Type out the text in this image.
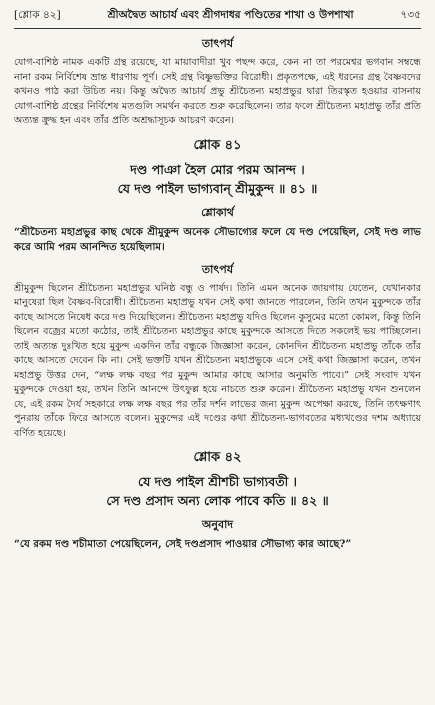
[শ্লোক ৪২]	শ্রীঅদ্বৈত আচার্য এবং শ্রীগদাধর পণ্ডিতের শাখা ও উপশাখা	৭৩৫
তাৎপর্য

যোগ-বাশিষ্ঠ নামক একটি গ্রন্থ রয়েছে, যা মায়াবাদীরা খুব পছন্দ করে, কেন না তা পরমেশ্বর ভগবান সম্বন্ধে নানা রকম নির্বিশেষ ভ্রান্ত ধারণায় পূর্ণ। সেই গ্রন্থ বিষ্ণুভক্তির বিরোধী। প্রকৃতপক্ষে, এই ধরনের গ্রন্থ বৈষ্ণবদের কখনও পাঠ করা উচিত নয়। কিন্তু অদ্বৈত আচার্য প্রভু শ্রীচৈতন্য মহাপ্রভুর দ্বারা তিরস্কৃত হওয়ার বাসনায় যোগ-বাশিষ্ঠ গ্রন্থের নির্বিশেষ মতগুলি সমর্থন করতে শুরু করেছিলেন। তার ফলে শ্রীচৈতন্য মহাপ্রভু তাঁর প্রতি অত্যন্ত ক্রুদ্ধ হন এবং তাঁর প্রতি অশ্রদ্ধাসূচক আচরণ করেন।

শ্লোক ৪১

দণ্ড পাঞা হৈল মোর পরম আনন্দ ।

যে দণ্ড পাইল ভাগ্যবান্ শ্রীমুকুন্দ ॥ ৪১ ॥

শ্লোকার্থ

“শ্রীচৈতন্য মহাপ্রভুর কাছ থেকে শ্রীমুকুন্দ অনেক সৌভাগ্যের ফলে যে দণ্ড পেয়েছিল, সেই দণ্ড লাভ করে আমি পরম আনন্দিত হয়েছিলাম।

তাৎপর্য

শ্রীমুকুন্দ ছিলেন শ্রীচৈতন্য মহাপ্রভুর ঘনিষ্ঠ বন্ধু ও পার্ষদ। তিনি এমন অনেক জায়গায় যেতেন, যেখানকার মানুষেরা ছিল বৈষ্ণব-বিরোধী। শ্রীচৈতন্য মহাপ্রভু যখন সেই কথা জানতে পারলেন, তিনি তখন মুকুন্দকে তাঁর কাছে আসতে নিষেধ করে দণ্ড দিয়েছিলেন। শ্রীচৈতন্য মহাপ্রভু যদিও ছিলেন কুসুমের মতো কোমল, কিন্তু তিনি ছিলেন বজ্রের মতো কঠোর, তাই শ্রীচৈতন্য মহাপ্রভুর কাছে মুকুন্দকে আসতে দিতে সকলেই ভয় পাচ্ছিলেন। তাই অত্যন্ত দুঃখিত হয়ে মুকুন্দ একদিন তাঁর বন্ধুকে জিজ্ঞাসা করেন, কোনদিন শ্রীচৈতন্য মহাপ্রভু তাঁকে তাঁর কাছে আসতে দেবেন কি না। সেই ভক্তটি যখন শ্রীচৈতন্য মহাপ্রভুকে এসে সেই কথা জিজ্ঞাসা করেন, তখন মহাপ্রভু উত্তর দেন, “লক্ষ লক্ষ বছর পর মুকুন্দ আমার কাছে আসার অনুমতি পাবে।” সেই সংবাদ যখন মুকুন্দকে দেওয়া হয়, তখন তিনি আনন্দে উৎফুল্ল হয়ে নাচতে শুরু করেন। শ্রীচৈতন্য মহাপ্রভু যখন শুনলেন যে, এই রকম দৈর্য সহকারে লক্ষ লক্ষ বছর পর তাঁর দর্শন লাভের জন্য মুকুন্দ অপেক্ষা করছে, তিনি তৎক্ষণাৎ পুনরায় তাঁকে ফিরে আসতে বলেন। মুকুন্দের এই দণ্ডের কথা শ্রীচৈতন্য-ভাগবতের মধ্যখণ্ডের দশম অধ্যায়ে বর্ণিত হয়েছে।

শ্লোক ৪২

যে দণ্ড পাইল শ্রীশচী ভাগ্যবতী ।

সে দণ্ড প্রসাদ অন্য লোক পাবে কতি ॥ ৪২ ॥

অনুবাদ

“যে রকম দণ্ড শচীমাতা পেয়েছিলেন, সেই দণ্ডপ্রসাদ পাওয়ার সৌভাগ্য কার আছে?”
